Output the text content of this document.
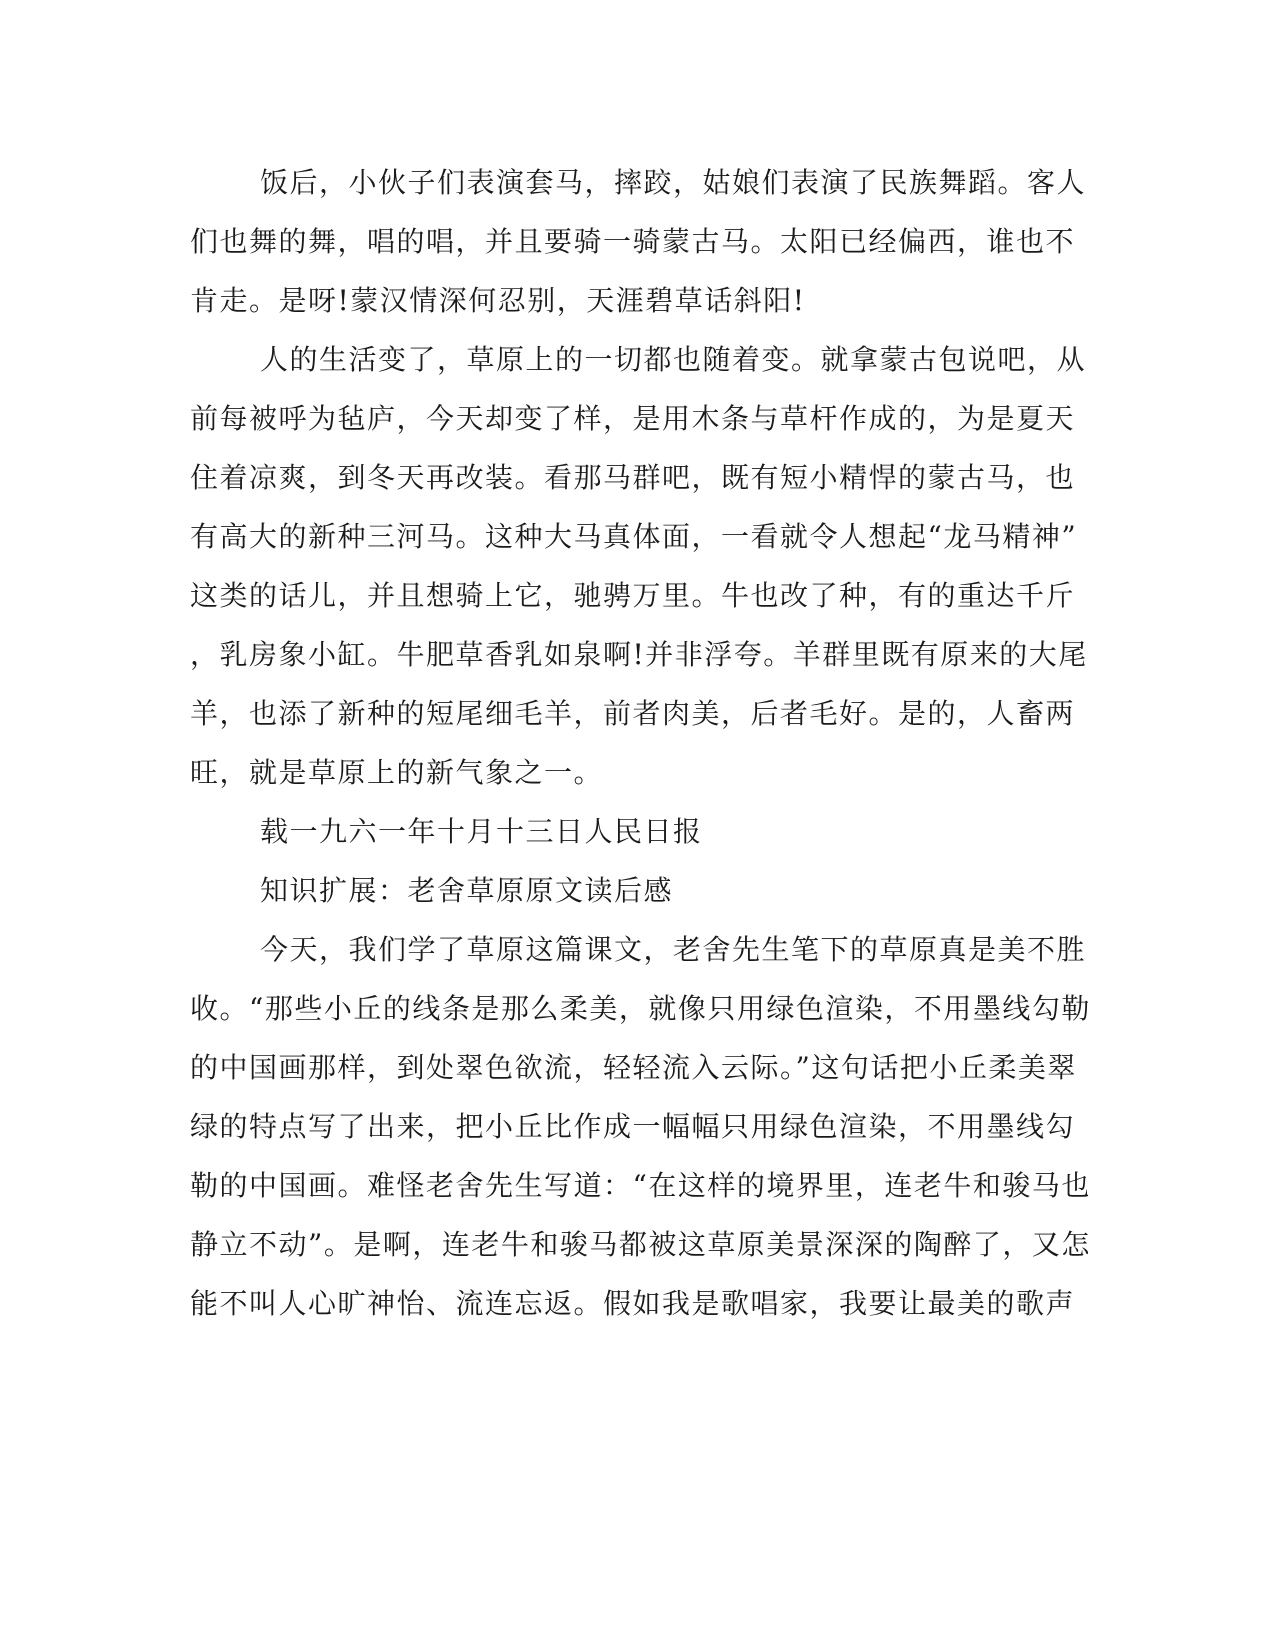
饭后，小伙子们表演套马，摔跤，姑娘们表演了民族舞蹈。客人
们也舞的舞，唱的唱，并且要骑一骑蒙古马。太阳已经偏西，谁也不
肯走。是呀!蒙汉情深何忍别，天涯碧草话斜阳!
人的生活变了，草原上的一切都也随着变。就拿蒙古包说吧，从
前每被呼为毡庐，今天却变了样，是用木条与草杆作成的，为是夏天
住着凉爽，到冬天再改装。看那马群吧，既有短小精悍的蒙古马，也
有高大的新种三河马。这种大马真体面，一看就令人想起“龙马精神”
这类的话儿，并且想骑上它，驰骋万里。牛也改了种，有的重达千斤
，乳房象小缸。牛肥草香乳如泉啊!并非浮夸。羊群里既有原来的大尾
羊，也添了新种的短尾细毛羊，前者肉美，后者毛好。是的，人畜两
旺，就是草原上的新气象之一。
载一九六一年十月十三日人民日报
知识扩展：老舍草原原文读后感
今天，我们学了草原这篇课文，老舍先生笔下的草原真是美不胜
收。“那些小丘的线条是那么柔美，就像只用绿色渲染，不用墨线勾勒
的中国画那样，到处翠色欲流，轻轻流入云际。”这句话把小丘柔美翠
绿的特点写了出来，把小丘比作成一幅幅只用绿色渲染，不用墨线勾
勒的中国画。难怪老舍先生写道：“在这样的境界里，连老牛和骏马也
静立不动”。是啊，连老牛和骏马都被这草原美景深深的陶醉了，又怎
能不叫人心旷神怡、流连忘返。假如我是歌唱家，我要让最美的歌声
